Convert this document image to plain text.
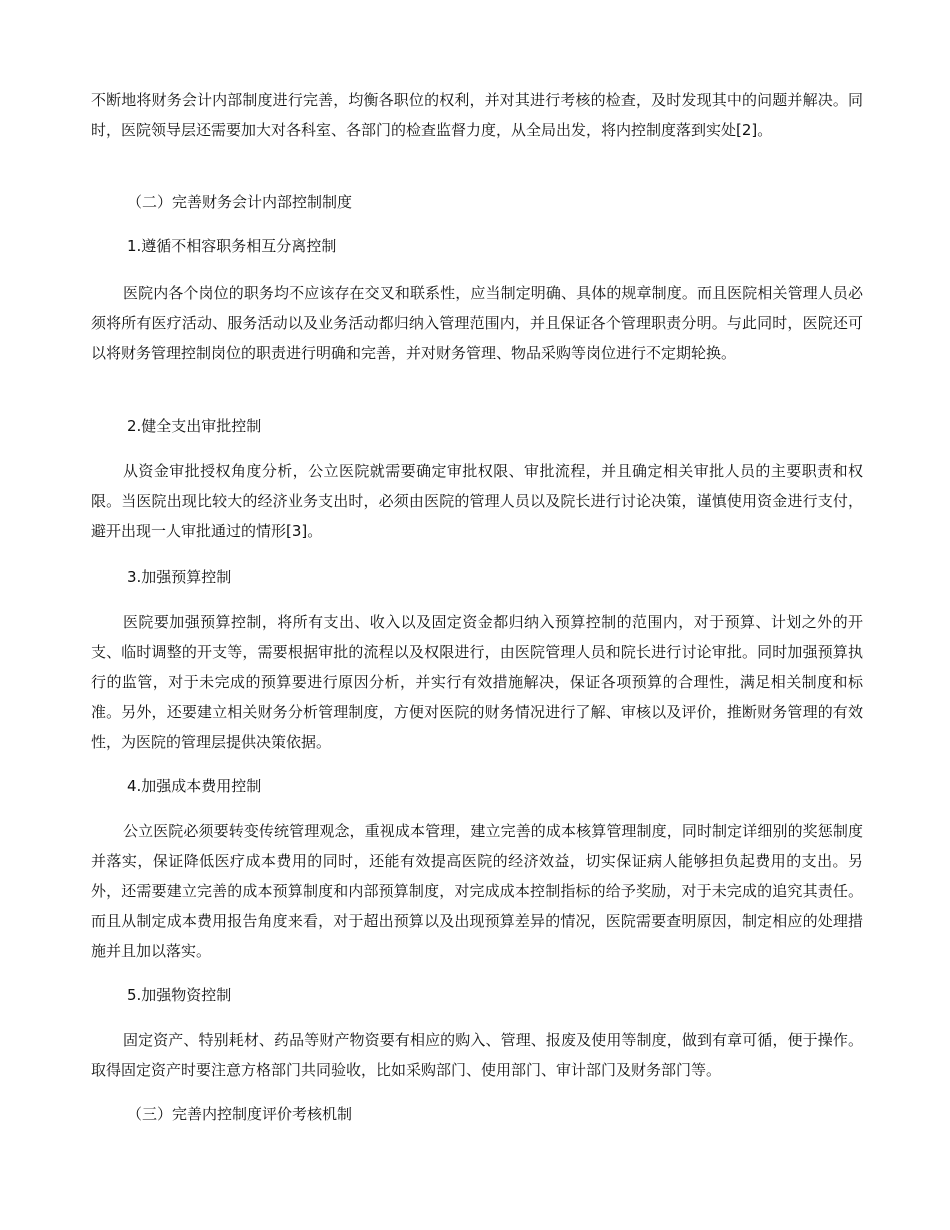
不断地将财务会计内部制度进行完善，均衡各职位的权利，并对其进行考核的检查，及时发现其中的问题并解决。同时，医院领导层还需要加大对各科室、各部门的检查监督力度，从全局出发，将内控制度落到实处[2]。

（二）完善财务会计内部控制制度

1.遵循不相容职务相互分离控制

医院内各个岗位的职务均不应该存在交叉和联系性，应当制定明确、具体的规章制度。而且医院相关管理人员必须将所有医疗活动、服务活动以及业务活动都归纳入管理范围内，并且保证各个管理职责分明。与此同时，医院还可以将财务管理控制岗位的职责进行明确和完善，并对财务管理、物品采购等岗位进行不定期轮换。

2.健全支出审批控制

从资金审批授权角度分析，公立医院就需要确定审批权限、审批流程，并且确定相关审批人员的主要职责和权限。当医院出现比较大的经济业务支出时，必须由医院的管理人员以及院长进行讨论决策，谨慎使用资金进行支付，避开出现一人审批通过的情形[3]。

3.加强预算控制

医院要加强预算控制，将所有支出、收入以及固定资金都归纳入预算控制的范围内，对于预算、计划之外的开支、临时调整的开支等，需要根据审批的流程以及权限进行，由医院管理人员和院长进行讨论审批。同时加强预算执行的监管，对于未完成的预算要进行原因分析，并实行有效措施解决，保证各项预算的合理性，满足相关制度和标准。另外，还要建立相关财务分析管理制度，方便对医院的财务情况进行了解、审核以及评价，推断财务管理的有效性，为医院的管理层提供决策依据。

4.加强成本费用控制

公立医院必须要转变传统管理观念，重视成本管理，建立完善的成本核算管理制度，同时制定详细别的奖惩制度并落实，保证降低医疗成本费用的同时，还能有效提高医院的经济效益，切实保证病人能够担负起费用的支出。另外，还需要建立完善的成本预算制度和内部预算制度，对完成成本控制指标的给予奖励，对于未完成的追究其责任。而且从制定成本费用报告角度来看，对于超出预算以及出现预算差异的情况，医院需要查明原因，制定相应的处理措施并且加以落实。

5.加强物资控制

固定资产、特别耗材、药品等财产物资要有相应的购入、管理、报废及使用等制度，做到有章可循，便于操作。取得固定资产时要注意方格部门共同验收，比如采购部门、使用部门、审计部门及财务部门等。

（三）完善内控制度评价考核机制
